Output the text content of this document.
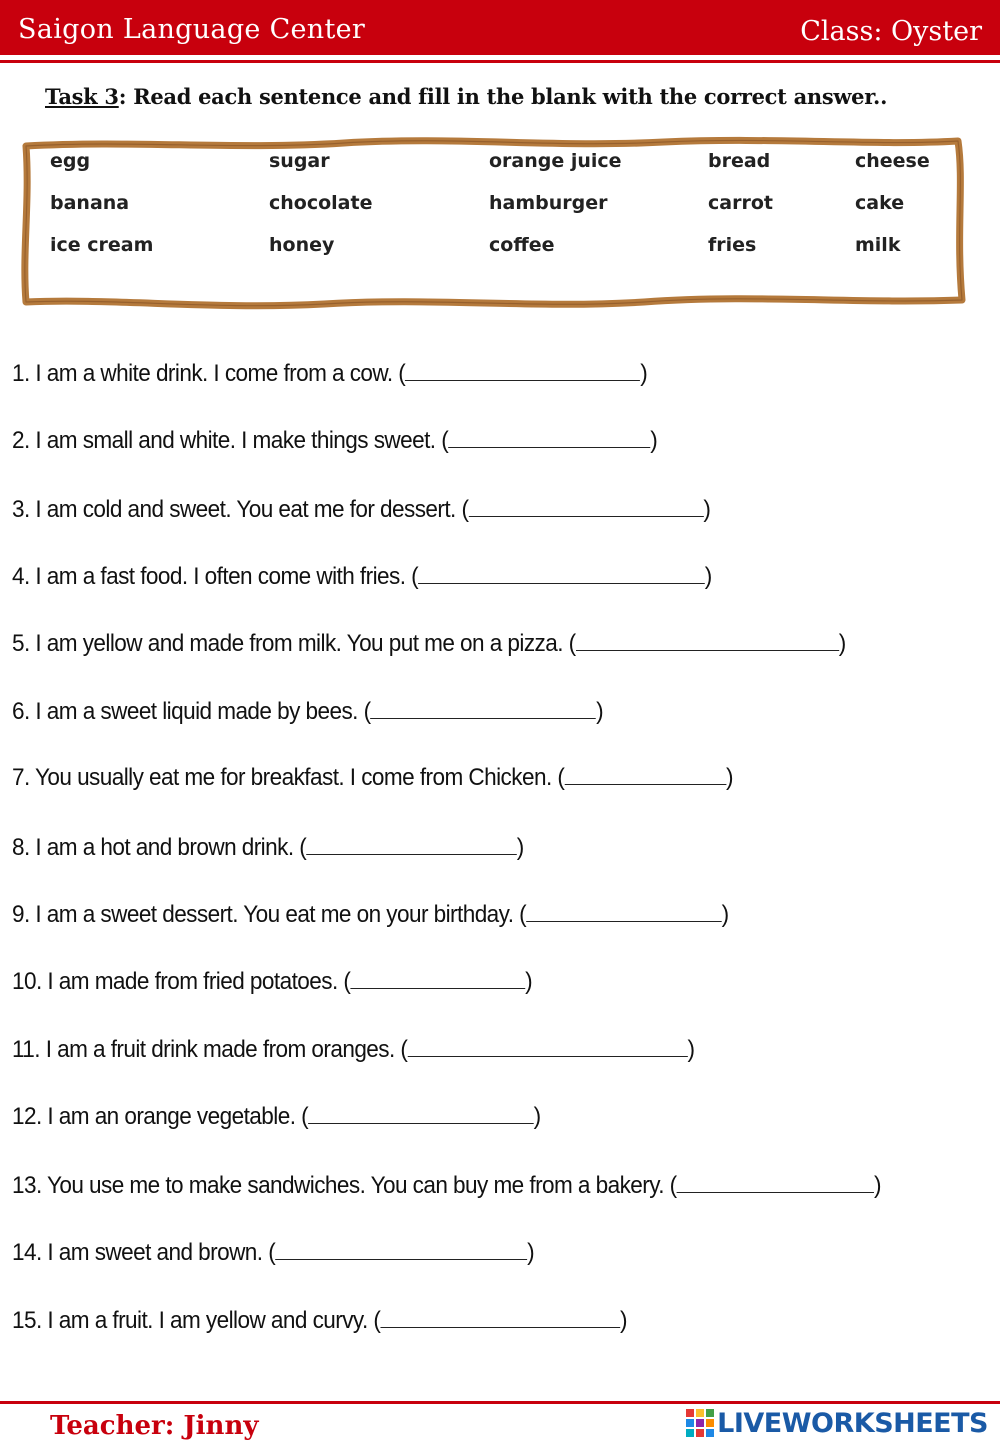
Saigon Language Center	Class: Oyster
Task 3: Read each sentence and fill in the blank with the correct answer..
egg	sugar	orange juice	bread	cheese
banana	chocolate	hamburger	carrot	cake
ice cream	honey	coffee	fries	milk
1. I am a white drink. I come from a cow. (	)
2. I am small and white. I make things sweet. (	)
3. I am cold and sweet. You eat me for dessert. (	)
4. I am a fast food. I often come with fries. (	)
5. I am yellow and made from milk. You put me on a pizza. (	)
6. I am a sweet liquid made by bees. (	)
7. You usually eat me for breakfast. I come from Chicken. (	)
8. I am a hot and brown drink. (	)
9. I am a sweet dessert. You eat me on your birthday. (	)
10. I am made from fried potatoes. (	)
11. I am a fruit drink made from oranges. (	)
12. I am an orange vegetable. (	)
13. You use me to make sandwiches. You can buy me from a bakery. (	)
14. I am sweet and brown. (	)
15. I am a fruit. I am yellow and curvy. (	)
Teacher: Jinny	LIVEWORKSHEETS
